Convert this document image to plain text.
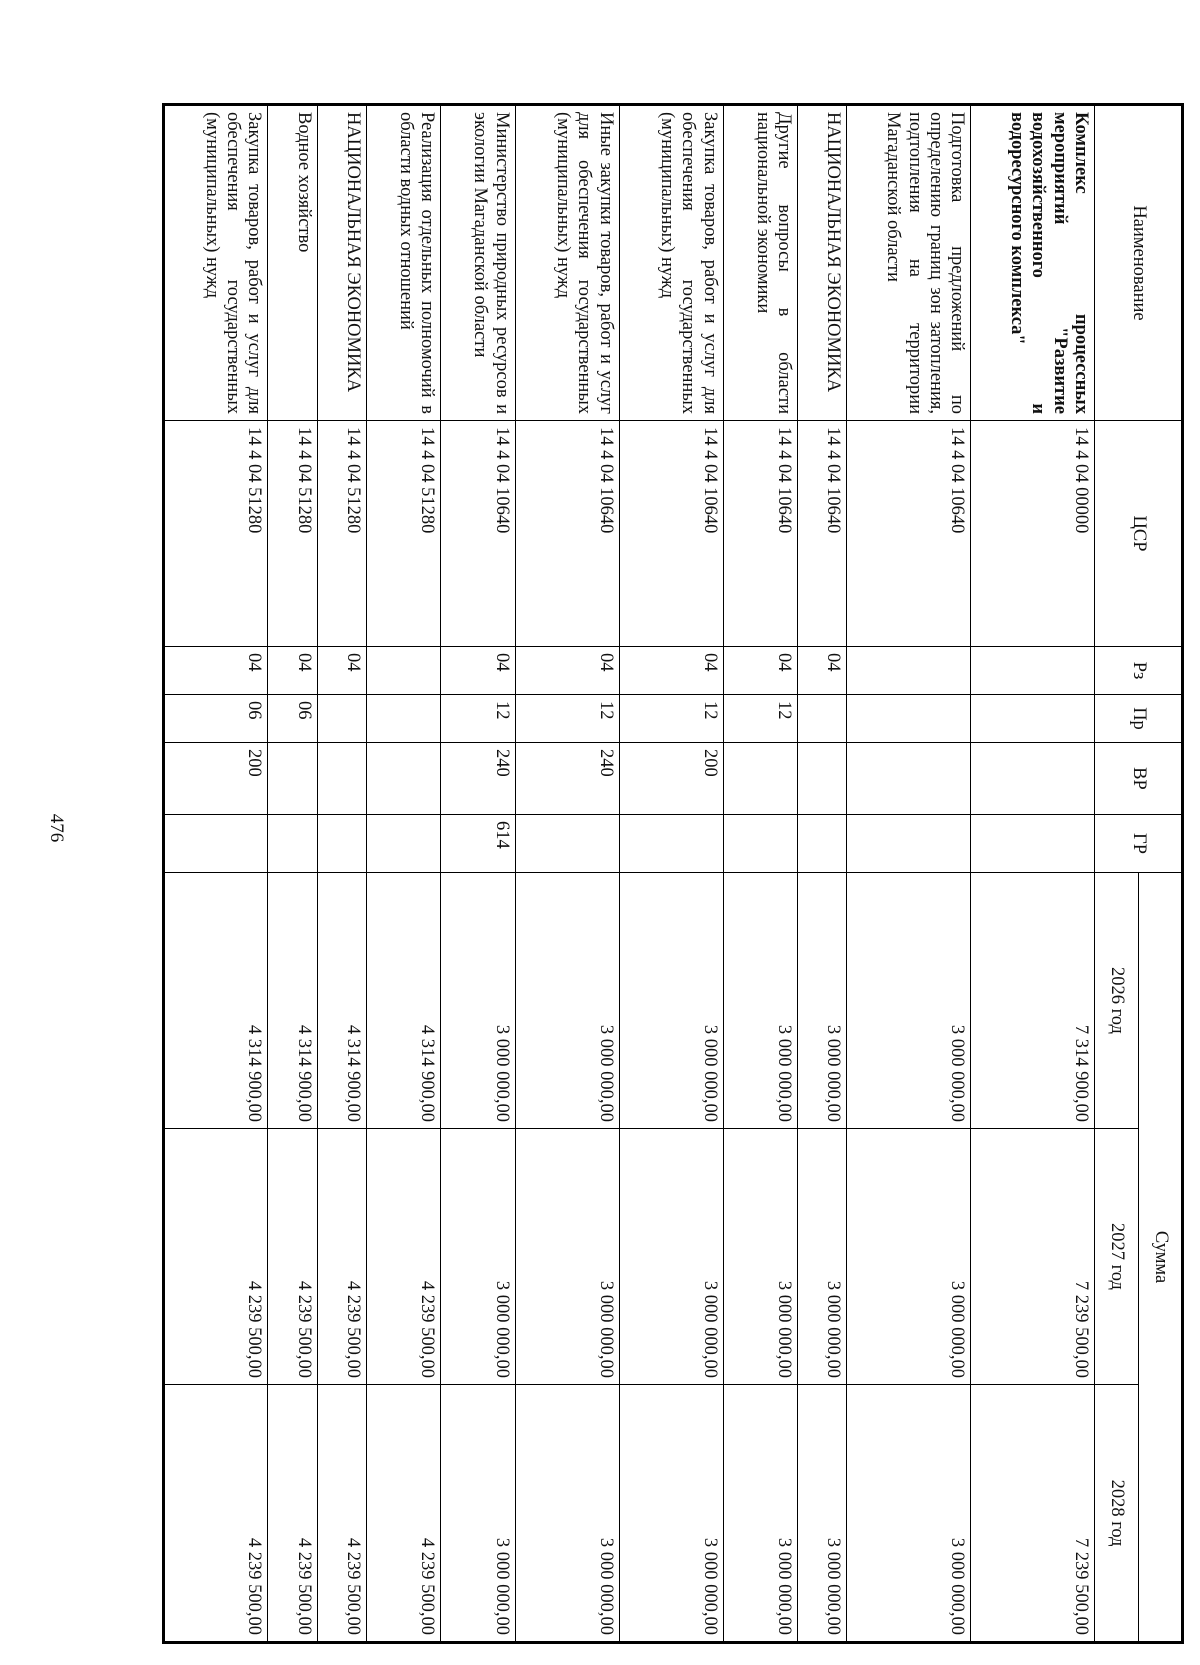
476
Наименование	ЦСР	Рз	Пр	ВР	ГР	Сумма		
						2026 год	2027 год	2028 год
Комплекс процессных мероприятий "Развитие водохозяйственного и водоресурсного комплекса"	14 4 04 00000					7 314 900,00	7 239 500,00	7 239 500,00
Подготовка предложений по определению границ зон затопления, подтопления на территории Магаданской области	14 4 04 10640					3 000 000,00	3 000 000,00	3 000 000,00
НАЦИОНАЛЬНАЯ ЭКОНОМИКА	14 4 04 10640	04				3 000 000,00	3 000 000,00	3 000 000,00
Другие вопросы в области национальной экономики	14 4 04 10640	04	12			3 000 000,00	3 000 000,00	3 000 000,00
Закупка товаров, работ и услуг для обеспечения государственных (муниципальных) нужд	14 4 04 10640	04	12	200		3 000 000,00	3 000 000,00	3 000 000,00
Иные закупки товаров, работ и услуг для обеспечения государственных (муниципальных) нужд	14 4 04 10640	04	12	240		3 000 000,00	3 000 000,00	3 000 000,00
Министерство природных ресурсов и экологии Магаданской области	14 4 04 10640	04	12	240	614	3 000 000,00	3 000 000,00	3 000 000,00
Реализация отдельных полномочий в области водных отношений	14 4 04 51280					4 314 900,00	4 239 500,00	4 239 500,00
НАЦИОНАЛЬНАЯ ЭКОНОМИКА	14 4 04 51280	04				4 314 900,00	4 239 500,00	4 239 500,00
Водное хозяйство	14 4 04 51280	04	06			4 314 900,00	4 239 500,00	4 239 500,00
Закупка товаров, работ и услуг для обеспечения государственных (муниципальных) нужд	14 4 04 51280	04	06	200		4 314 900,00	4 239 500,00	4 239 500,00
